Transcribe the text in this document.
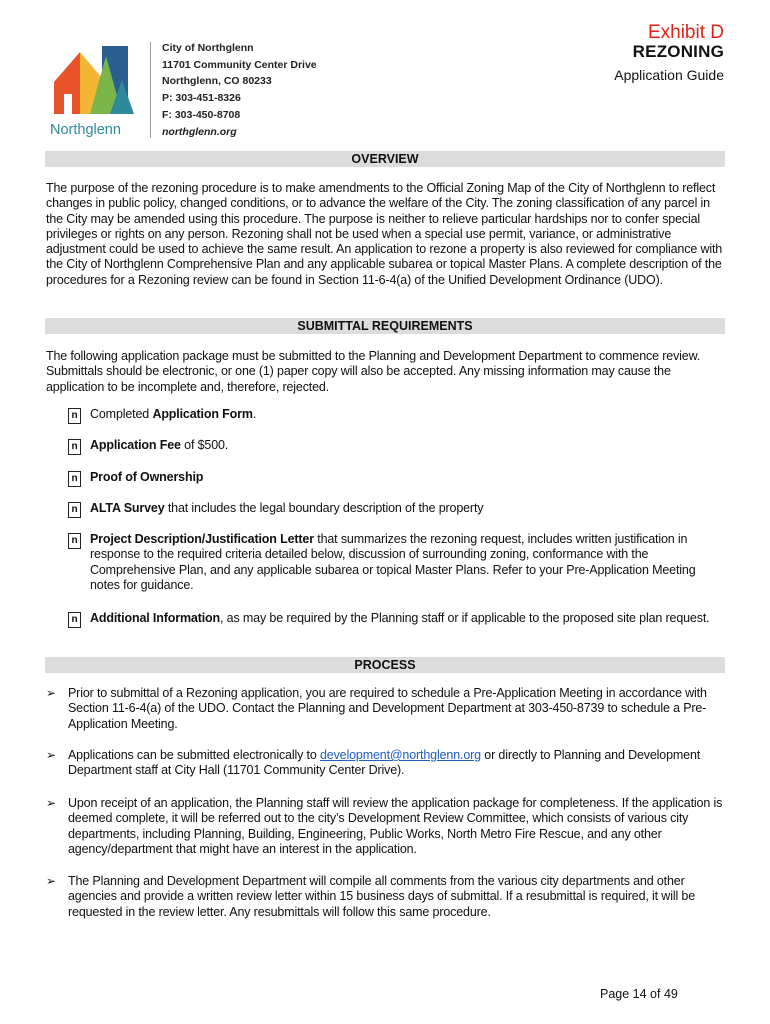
Northglenn
City of Northglenn
11701 Community Center Drive
Northglenn, CO 80233
P: 303-451-8326
F: 303-450-8708
northglenn.org
Exhibit D
REZONING
Application Guide
OVERVIEW
The purpose of the rezoning procedure is to make amendments to the Official Zoning Map of the City of Northglenn to reflect changes in public policy, changed conditions, or to advance the welfare of the City. The zoning classification of any parcel in the City may be amended using this procedure. The purpose is neither to relieve particular hardships nor to confer special privileges or rights on any person. Rezoning shall not be used when a special use permit, variance, or administrative adjustment could be used to achieve the same result. An application to rezone a property is also reviewed for compliance with the City of Northglenn Comprehensive Plan and any applicable subarea or topical Master Plans. A complete description of the procedures for a Rezoning review can be found in Section 11-6-4(a) of the Unified Development Ordinance (UDO).
SUBMITTAL REQUIREMENTS
The following application package must be submitted to the Planning and Development Department to commence review. Submittals should be electronic, or one (1) paper copy will also be accepted. Any missing information may cause the application to be incomplete and, therefore, rejected.
n Completed Application Form.
n Application Fee of $500.
n Proof of Ownership
n ALTA Survey that includes the legal boundary description of the property
n Project Description/Justification Letter that summarizes the rezoning request, includes written justification in response to the required criteria detailed below, discussion of surrounding zoning, conformance with the Comprehensive Plan, and any applicable subarea or topical Master Plans. Refer to your Pre-Application Meeting notes for guidance.
n Additional Information, as may be required by the Planning staff or if applicable to the proposed site plan request.
PROCESS
➢ Prior to submittal of a Rezoning application, you are required to schedule a Pre-Application Meeting in accordance with Section 11-6-4(a) of the UDO. Contact the Planning and Development Department at 303-450-8739 to schedule a Pre-Application Meeting.
➢ Applications can be submitted electronically to development@northglenn.org or directly to Planning and Development Department staff at City Hall (11701 Community Center Drive).
➢ Upon receipt of an application, the Planning staff will review the application package for completeness. If the application is deemed complete, it will be referred out to the city’s Development Review Committee, which consists of various city departments, including Planning, Building, Engineering, Public Works, North Metro Fire Rescue, and any other agency/department that might have an interest in the application.
➢ The Planning and Development Department will compile all comments from the various city departments and other agencies and provide a written review letter within 15 business days of submittal. If a resubmittal is required, it will be requested in the review letter. Any resubmittals will follow this same procedure.
Page 14 of 49
